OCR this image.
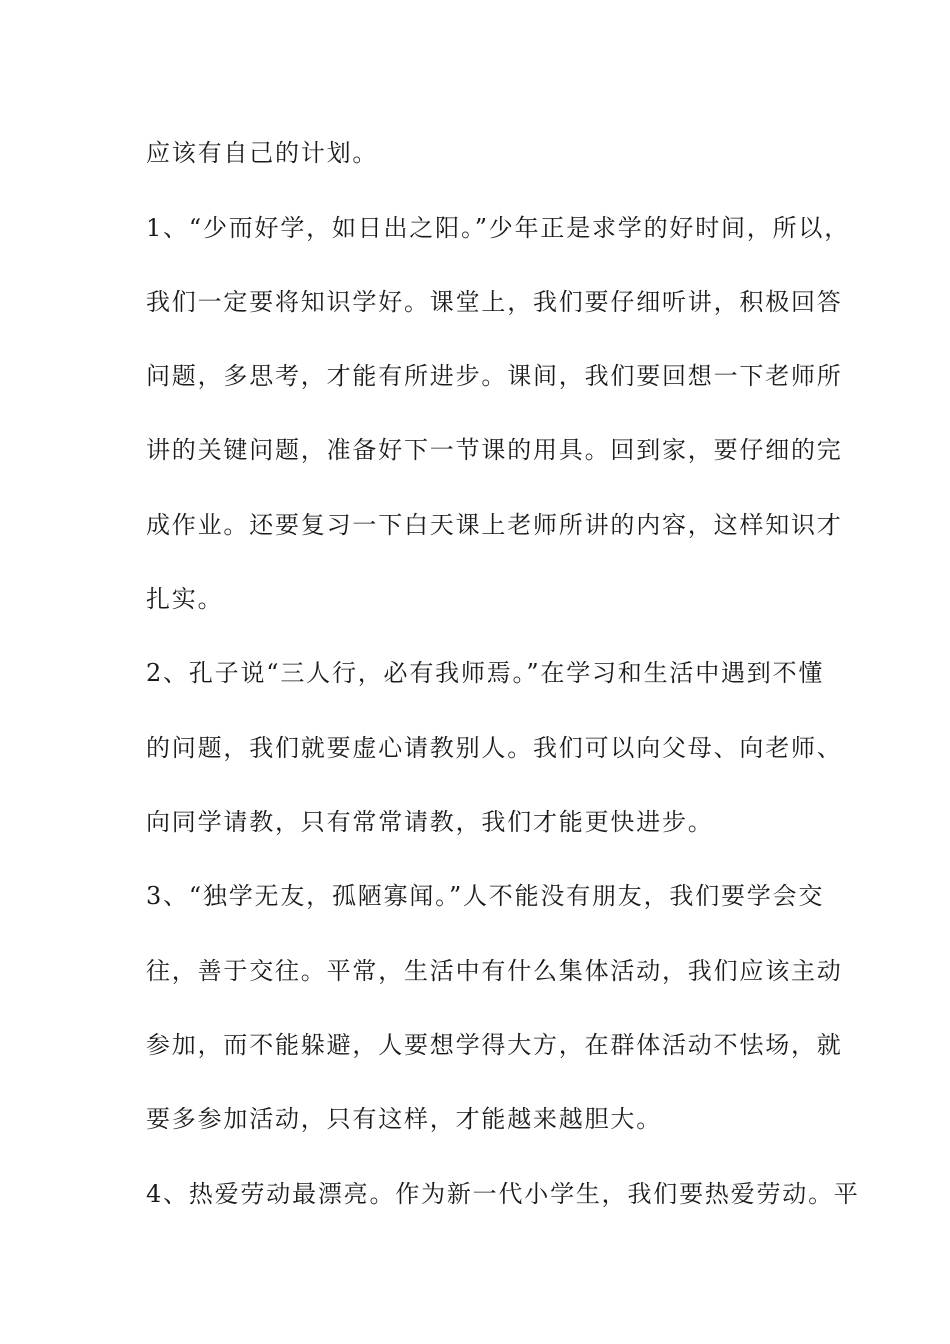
应该有自己的计划。

1、“少而好学，如日出之阳。”少年正是求学的好时间，所以，

我们一定要将知识学好。课堂上，我们要仔细听讲，积极回答

问题，多思考，才能有所进步。课间，我们要回想一下老师所

讲的关键问题，准备好下一节课的用具。回到家，要仔细的完

成作业。还要复习一下白天课上老师所讲的内容，这样知识才

扎实。

2、孔子说“三人行，必有我师焉。”在学习和生活中遇到不懂

的问题，我们就要虚心请教别人。我们可以向父母、向老师、

向同学请教，只有常常请教，我们才能更快进步。

3、“独学无友，孤陋寡闻。”人不能没有朋友，我们要学会交

往，善于交往。平常，生活中有什么集体活动，我们应该主动

参加，而不能躲避，人要想学得大方，在群体活动不怯场，就

要多参加活动，只有这样，才能越来越胆大。

4、热爱劳动最漂亮。作为新一代小学生，我们要热爱劳动。平
